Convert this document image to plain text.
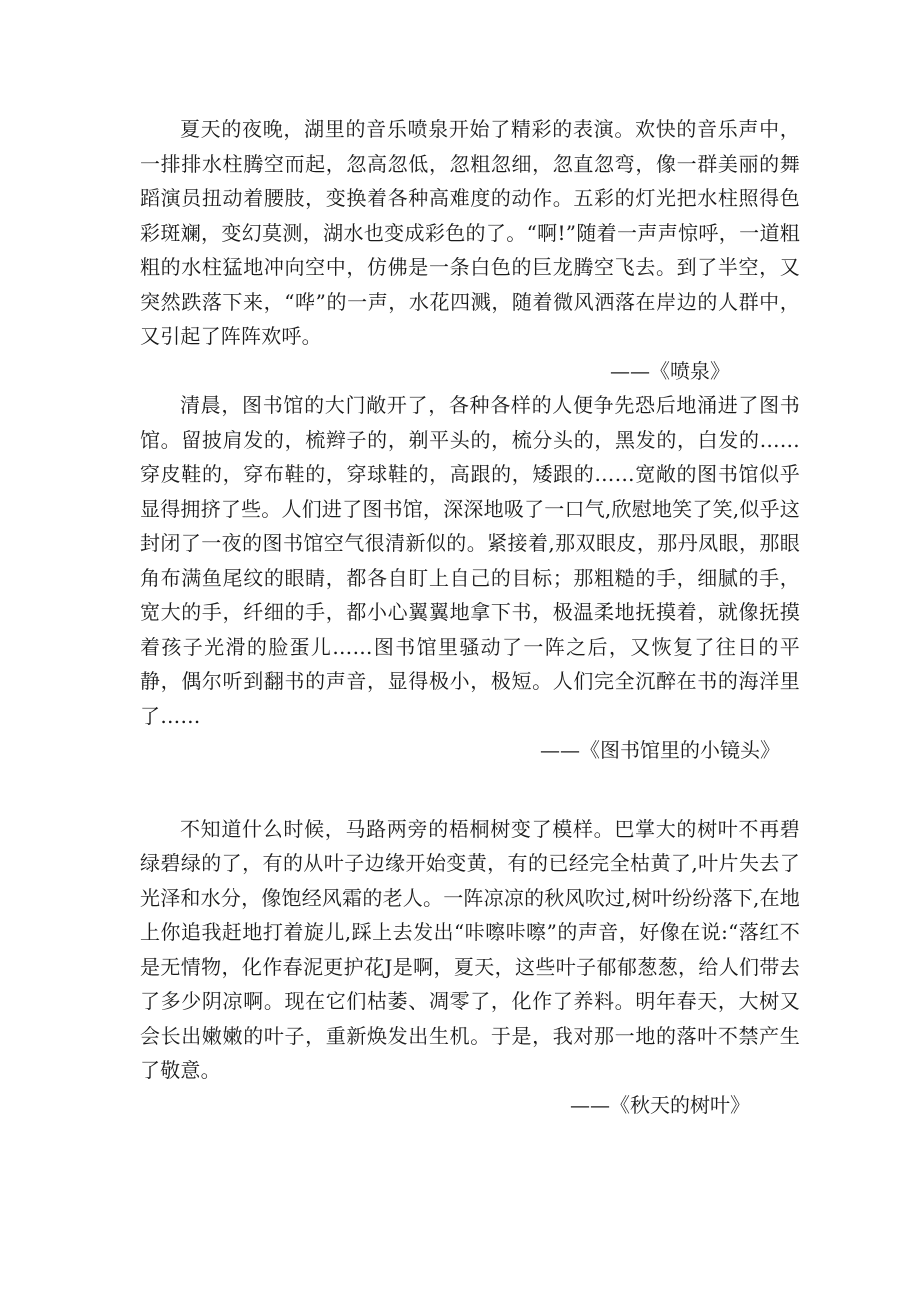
夏天的夜晚，湖里的音乐喷泉开始了精彩的表演。欢快的音乐声中，一排排水柱腾空而起，忽高忽低，忽粗忽细，忽直忽弯，像一群美丽的舞蹈演员扭动着腰肢，变换着各种高难度的动作。五彩的灯光把水柱照得色彩斑斓，变幻莫测，湖水也变成彩色的了。“啊!”随着一声声惊呼，一道粗粗的水柱猛地冲向空中，仿佛是一条白色的巨龙腾空飞去。到了半空，又突然跌落下来，“哗”的一声，水花四溅，随着微风洒落在岸边的人群中，又引起了阵阵欢呼。

——《喷泉》

清晨，图书馆的大门敞开了，各种各样的人便争先恐后地涌进了图书馆。留披肩发的，梳辫子的，剃平头的，梳分头的，黑发的，白发的……穿皮鞋的，穿布鞋的，穿球鞋的，高跟的，矮跟的……宽敞的图书馆似乎显得拥挤了些。人们进了图书馆，深深地吸了一口气,欣慰地笑了笑,似乎这封闭了一夜的图书馆空气很清新似的。紧接着,那双眼皮，那丹凤眼，那眼角布满鱼尾纹的眼睛，都各自盯上自己的目标；那粗糙的手，细腻的手，宽大的手，纤细的手，都小心翼翼地拿下书，极温柔地抚摸着，就像抚摸着孩子光滑的脸蛋儿……图书馆里骚动了一阵之后，又恢复了往日的平静，偶尔听到翻书的声音，显得极小，极短。人们完全沉醉在书的海洋里了……

——《图书馆里的小镜头》

不知道什么时候，马路两旁的梧桐树变了模样。巴掌大的树叶不再碧绿碧绿的了，有的从叶子边缘开始变黄，有的已经完全枯黄了,叶片失去了光泽和水分，像饱经风霜的老人。一阵凉凉的秋风吹过,树叶纷纷落下,在地上你追我赶地打着旋儿,踩上去发出“咔嚓咔嚓”的声音，好像在说:“落红不是无情物，化作春泥更护花J是啊，夏天，这些叶子郁郁葱葱，给人们带去了多少阴凉啊。现在它们枯萎、凋零了，化作了养料。明年春天，大树又会长出嫩嫩的叶子，重新焕发出生机。于是，我对那一地的落叶不禁产生了敬意。

——《秋天的树叶》
